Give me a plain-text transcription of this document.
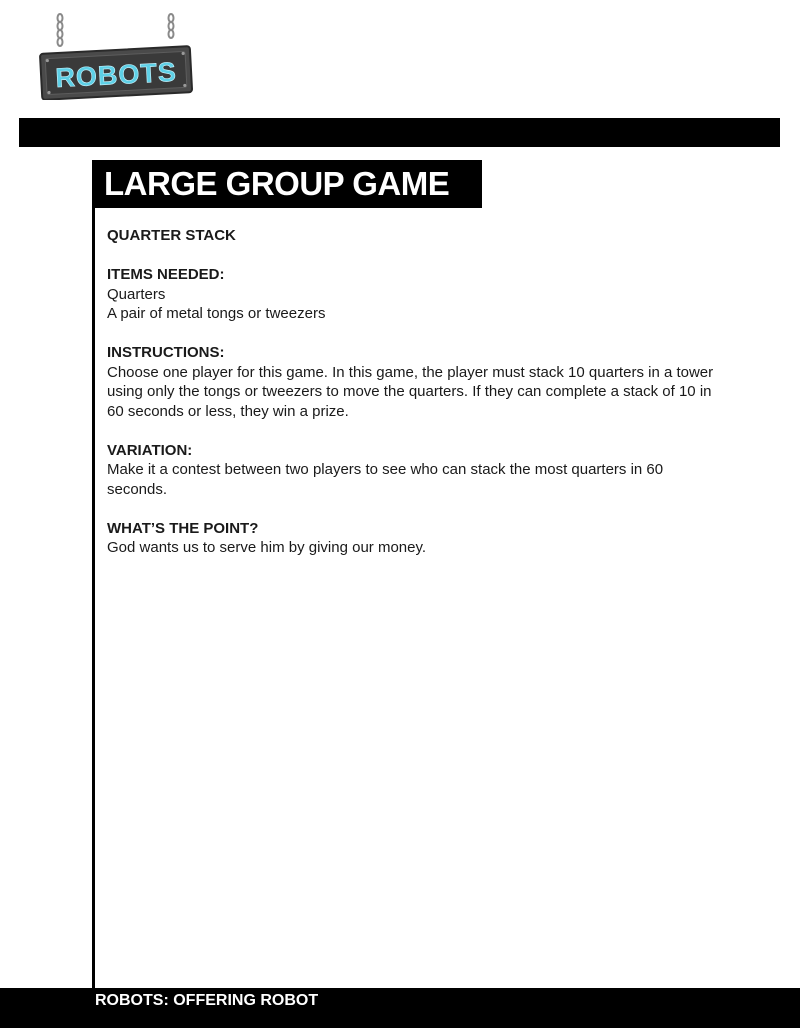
ROBOTS
LARGE GROUP GAME

QUARTER STACK

ITEMS NEEDED:

Quarters

A pair of metal tongs or tweezers

INSTRUCTIONS:

Choose one player for this game. In this game, the player must stack 10 quarters in a tower using only the tongs or tweezers to move the quarters. If they can complete a stack of 10 in 60 seconds or less, they win a prize.

VARIATION:

Make it a contest between two players to see who can stack the most quarters in 60 seconds.

WHAT’S THE POINT?

God wants us to serve him by giving our money.

ROBOTS: OFFERING ROBOT
